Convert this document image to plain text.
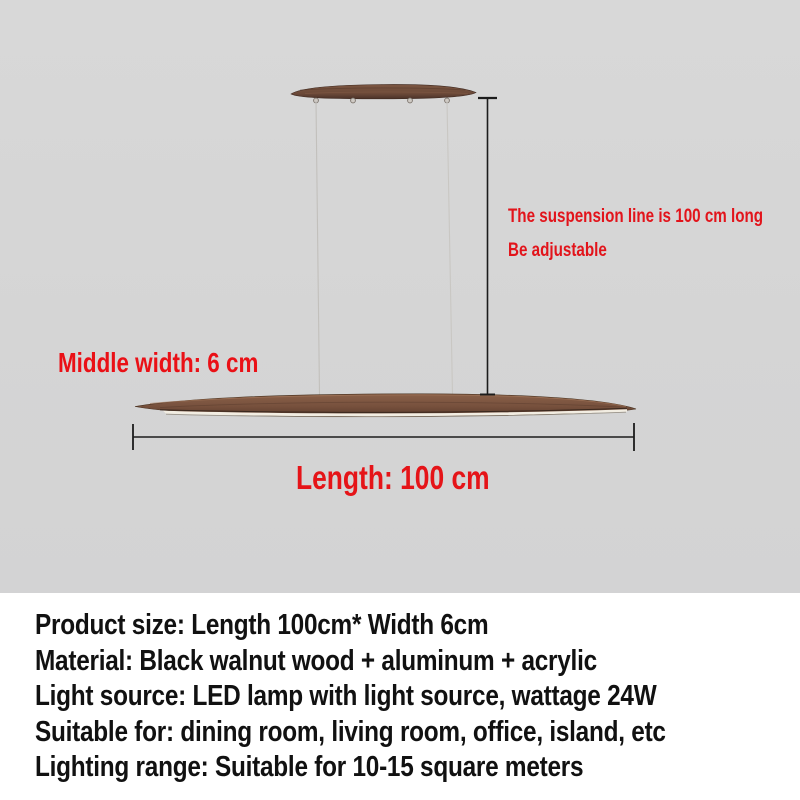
The suspension line is 100 cm long
Be adjustable
Middle width: 6 cm
Length: 100 cm

Product size: Length 100cm* Width 6cm

Material: Black walnut wood + aluminum + acrylic

Light source: LED lamp with light source, wattage 24W

Suitable for: dining room, living room, office, island, etc

Lighting range: Suitable for 10-15 square meters
